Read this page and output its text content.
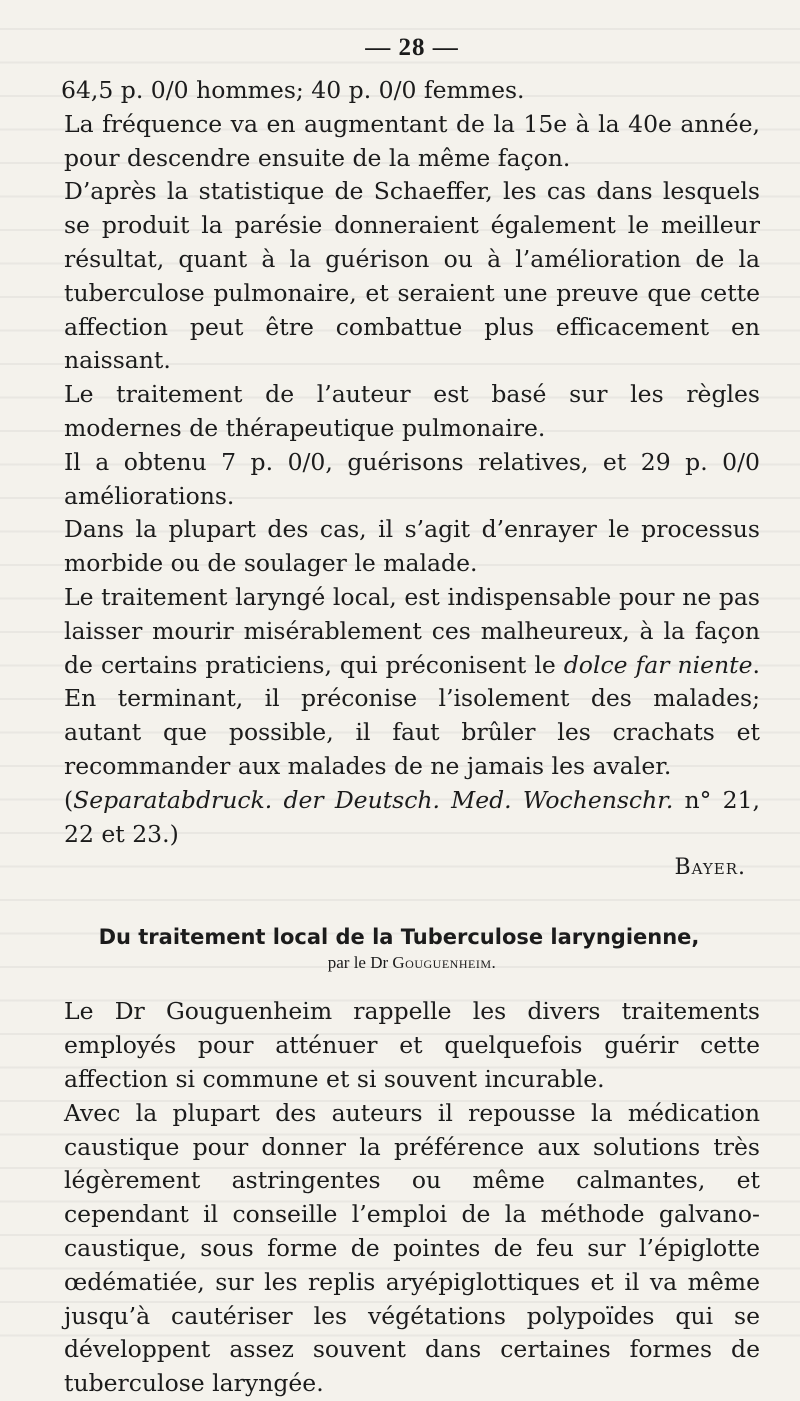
— 28 —

64,5 p. 0/0 hommes; 40 p. 0/0 femmes.

La fréquence va en augmentant de la 15e à la 40e année, pour descendre ensuite de la même façon.

D’après la statistique de Schaeffer, les cas dans lesquels se produit la parésie donneraient également le meilleur résultat, quant à la guérison ou à l’amélioration de la tuberculose pulmonaire, et seraient une preuve que cette affection peut être combattue plus efficacement en naissant.

Le traitement de l’auteur est basé sur les règles modernes de thérapeutique pulmonaire.

Il a obtenu 7 p. 0/0, guérisons relatives, et 29 p. 0/0 améliorations.

Dans la plupart des cas, il s’agit d’enrayer le processus morbide ou de soulager le malade.

Le traitement laryngé local, est indispensable pour ne pas laisser mourir misérablement ces malheureux, à la façon de certains praticiens, qui préconisent le dolce far niente. En terminant, il préconise l’isolement des malades; autant que possible, il faut brûler les crachats et recommander aux malades de ne jamais les avaler.

(Separatabdruck. der Deutsch. Med. Wochenschr. n° 21, 22 et 23.)

Bayer.
Du traitement local de la Tuberculose laryngienne,
par le Dr Gouguenheim.

Le Dr Gouguenheim rappelle les divers traitements employés pour atténuer et quelquefois guérir cette affection si commune et si souvent incurable.

Avec la plupart des auteurs il repousse la médication caustique pour donner la préférence aux solutions très légèrement astringentes ou même calmantes, et cependant il conseille l’emploi de la méthode galvano-caustique, sous forme de pointes de feu sur l’épiglotte œdématiée, sur les replis aryépiglottiques et il va même jusqu’à cautériser les végétations polypoïdes qui se développent assez souvent dans certaines formes de tuberculose laryngée.
